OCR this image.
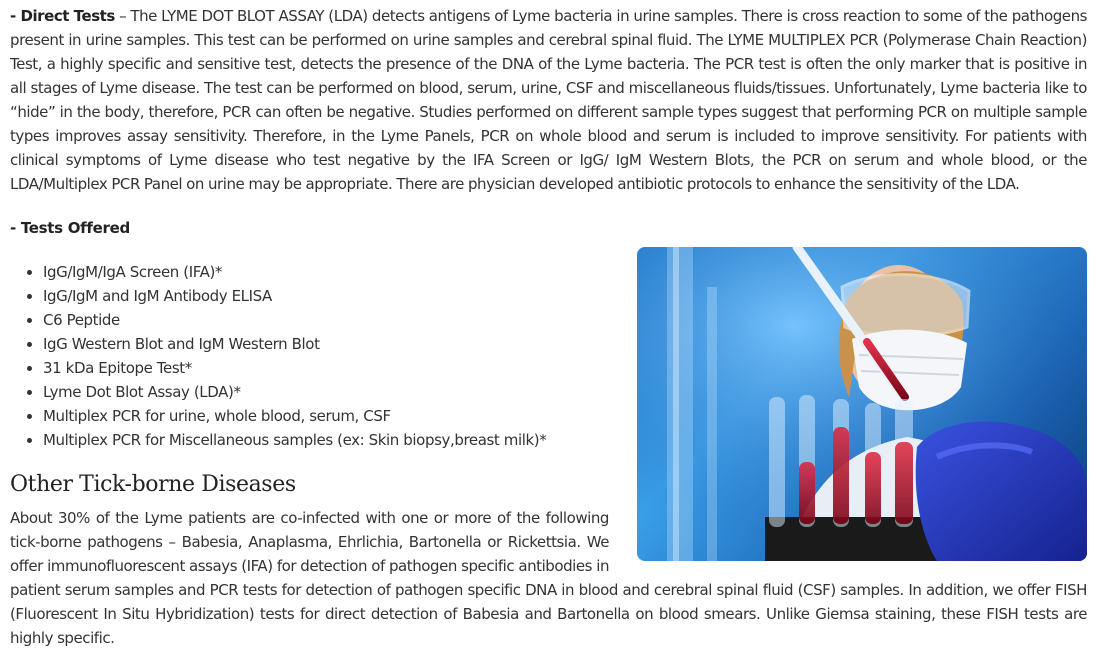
- Direct Tests – The LYME DOT BLOT ASSAY (LDA) detects antigens of Lyme bacteria in urine samples. There is cross reaction to some of the pathogens present in urine samples. This test can be performed on urine samples and cerebral spinal fluid. The LYME MULTIPLEX PCR (Polymerase Chain Reaction) Test, a highly specific and sensitive test, detects the presence of the DNA of the Lyme bacteria. The PCR test is often the only marker that is positive in all stages of Lyme disease. The test can be performed on blood, serum, urine, CSF and miscellaneous fluids/tissues. Unfortunately, Lyme bacteria like to “hide” in the body, therefore, PCR can often be negative. Studies performed on different sample types suggest that performing PCR on multiple sample types improves assay sensitivity. Therefore, in the Lyme Panels, PCR on whole blood and serum is included to improve sensitivity. For patients with clinical symptoms of Lyme disease who test negative by the IFA Screen or IgG/ IgM Western Blots, the PCR on serum and whole blood, or the LDA/Multiplex PCR Panel on urine may be appropriate. There are physician developed antibiotic protocols to enhance the sensitivity of the LDA.

- Tests Offered

• IgG/IgM/IgA Screen (IFA)*
• IgG/IgM and IgM Antibody ELISA
• C6 Peptide
• IgG Western Blot and IgM Western Blot
• 31 kDa Epitope Test*
• Lyme Dot Blot Assay (LDA)*
• Multiplex PCR for urine, whole blood, serum, CSF
• Multiplex PCR for Miscellaneous samples (ex: Skin biopsy,breast milk)*
Other Tick-borne Diseases

About 30% of the Lyme patients are co-infected with one or more of the following tick-borne pathogens – Babesia, Anaplasma, Ehrlichia, Bartonella or Rickettsia. We offer immunofluorescent assays (IFA) for detection of pathogen specific antibodies in patient serum samples and PCR tests for detection of pathogen specific DNA in blood and cerebral spinal fluid (CSF) samples. In addition, we offer FISH (Fluorescent In Situ Hybridization) tests for direct detection of Babesia and Bartonella on blood smears. Unlike Giemsa staining, these FISH tests are highly specific.
